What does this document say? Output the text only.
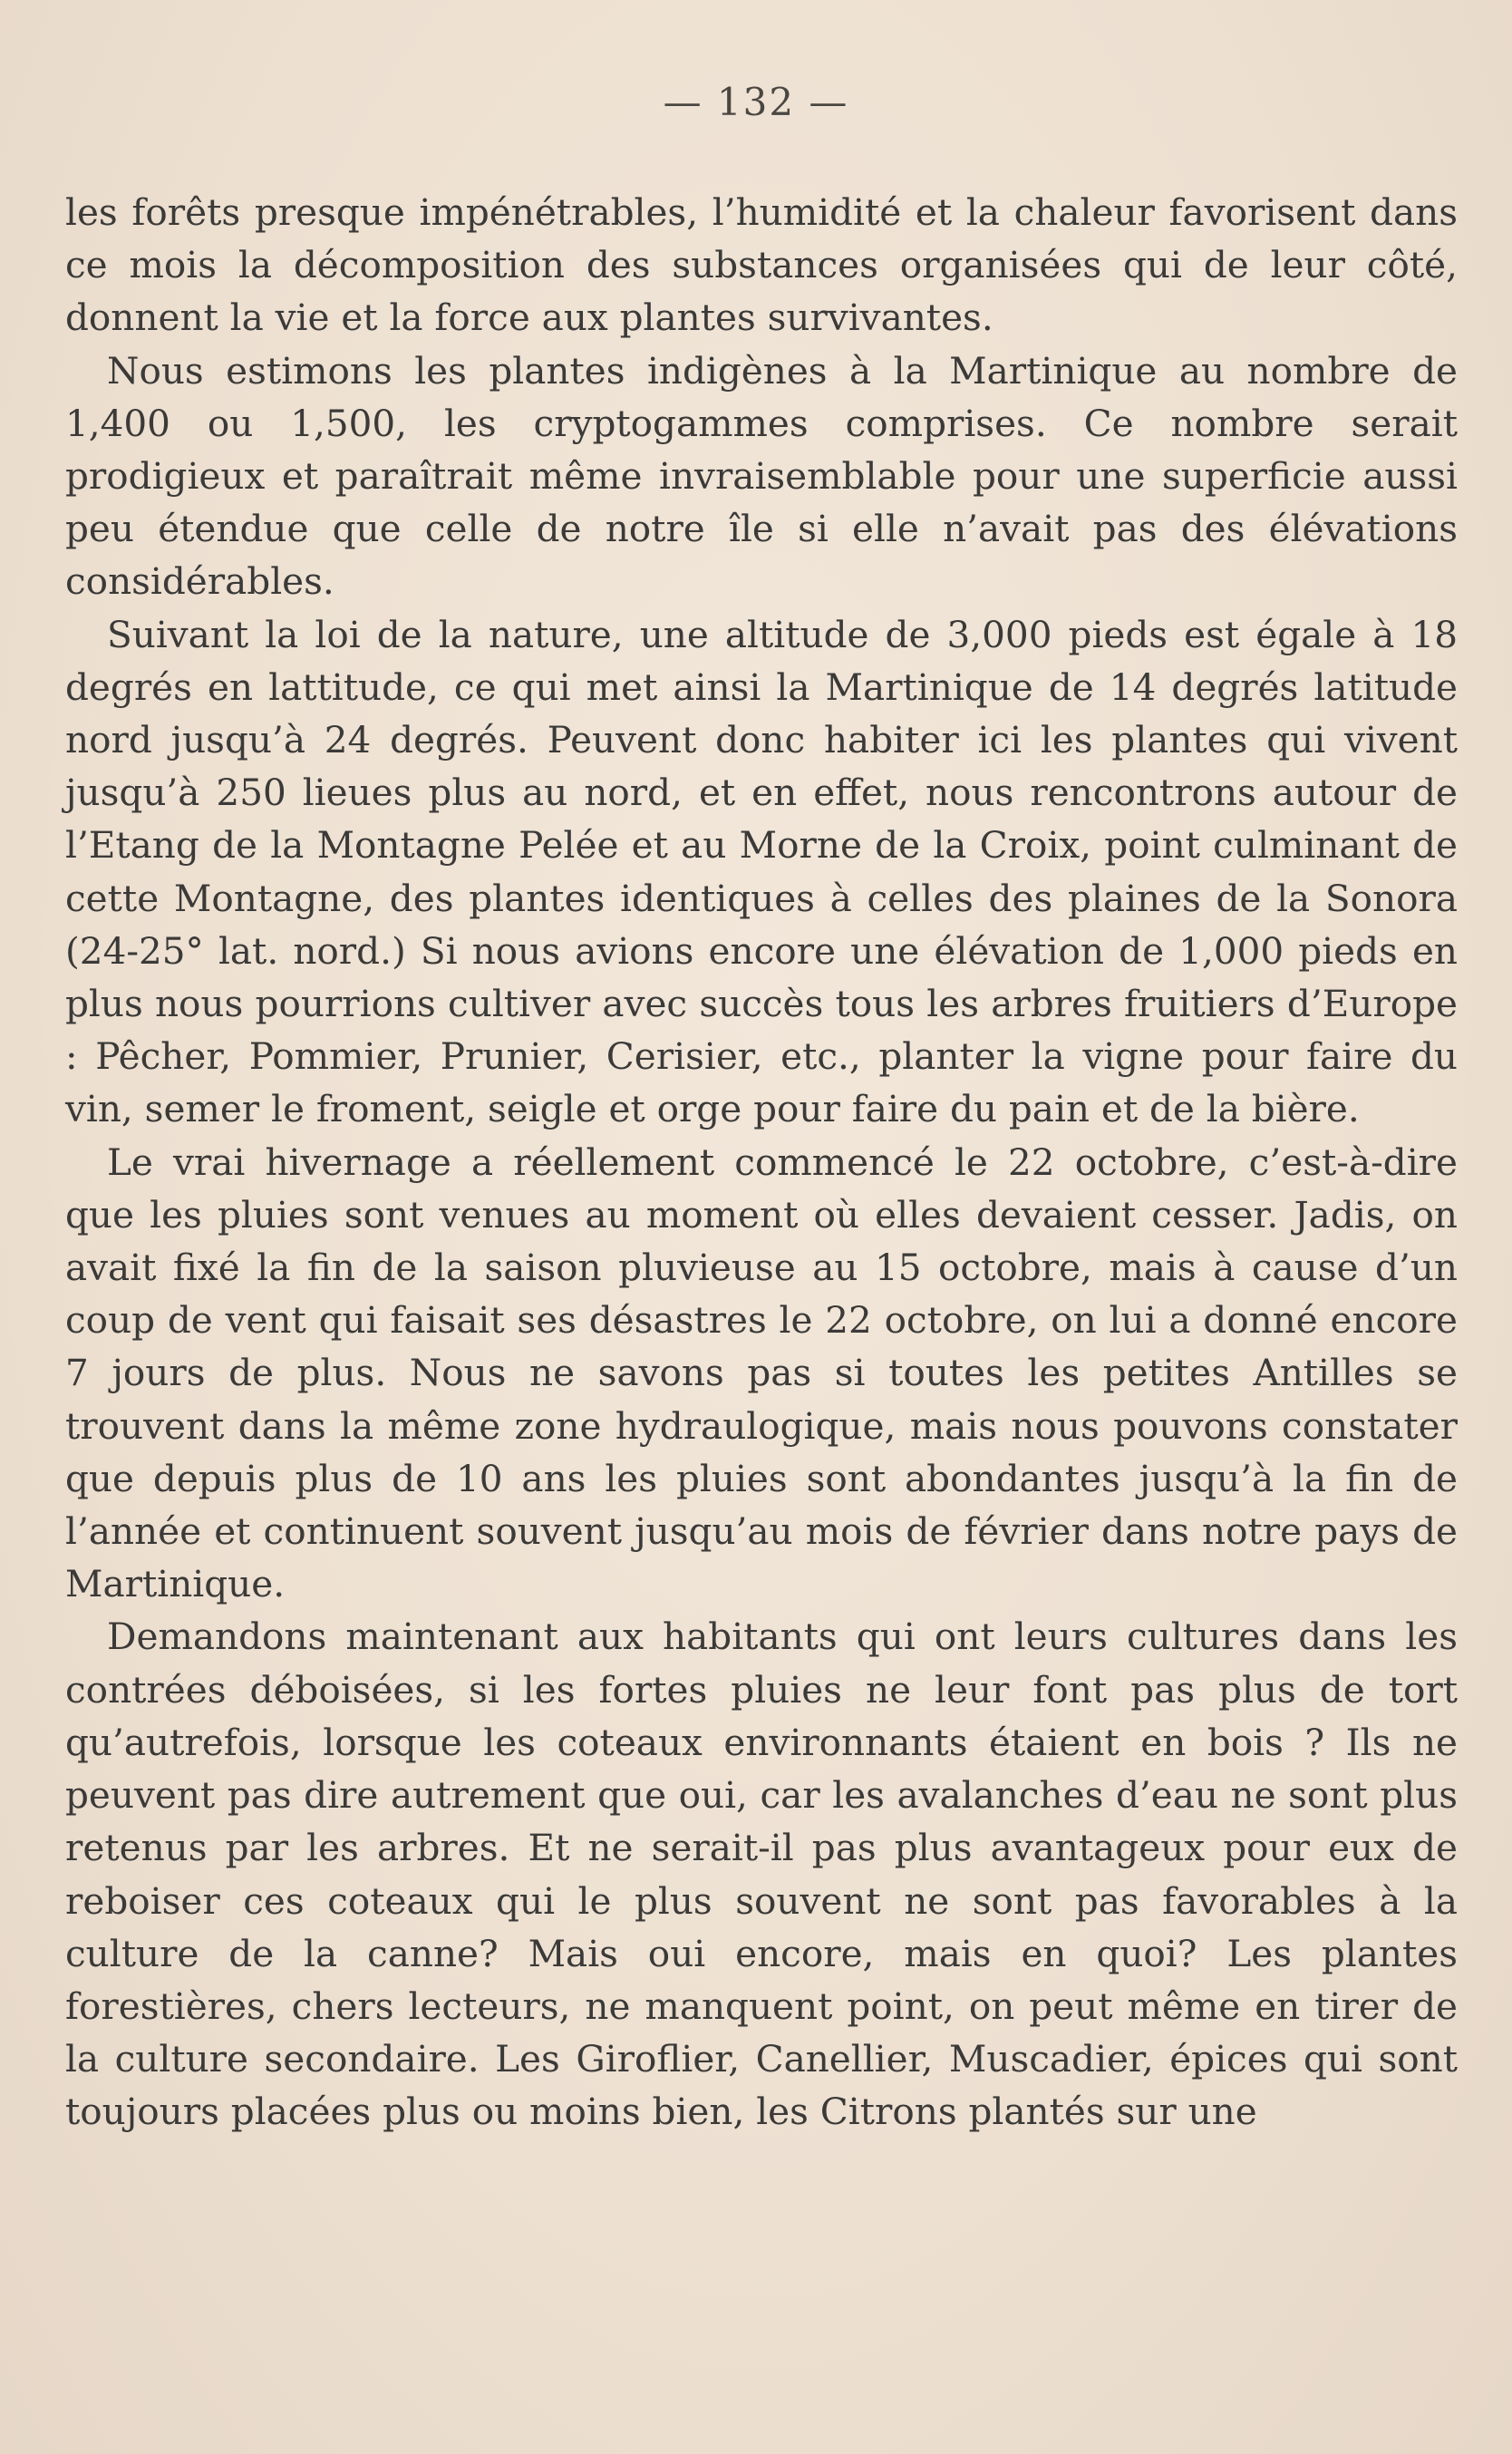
— 132 —

les forêts presque impénétrables, l’humidité et la chaleur favorisent dans ce mois la décomposition des substances organisées qui de leur côté, donnent la vie et la force aux plantes survivantes.

Nous estimons les plantes indigènes à la Martinique au nombre de 1,400 ou 1,500, les cryptogammes comprises. Ce nombre serait prodigieux et paraîtrait même invraisemblable pour une superficie aussi peu étendue que celle de notre île si elle n’avait pas des élévations considérables.

Suivant la loi de la nature, une altitude de 3,000 pieds est égale à 18 degrés en lattitude, ce qui met ainsi la Martinique de 14 degrés latitude nord jusqu’à 24 degrés. Peuvent donc habiter ici les plantes qui vivent jusqu’à 250 lieues plus au nord, et en effet, nous rencontrons autour de l’Etang de la Montagne Pelée et au Morne de la Croix, point culminant de cette Montagne, des plantes identiques à celles des plaines de la Sonora (24-25° lat. nord.) Si nous avions encore une élévation de 1,000 pieds en plus nous pourrions cultiver avec succès tous les arbres fruitiers d’Europe : Pêcher, Pommier, Prunier, Cerisier, etc., planter la vigne pour faire du vin, semer le froment, seigle et orge pour faire du pain et de la bière.

Le vrai hivernage a réellement commencé le 22 octobre, c’est-à-dire que les pluies sont venues au moment où elles devaient cesser. Jadis, on avait fixé la fin de la saison pluvieuse au 15 octobre, mais à cause d’un coup de vent qui faisait ses désastres le 22 octobre, on lui a donné encore 7 jours de plus. Nous ne savons pas si toutes les petites Antilles se trouvent dans la même zone hydraulogique, mais nous pouvons constater que depuis plus de 10 ans les pluies sont abondantes jusqu’à la fin de l’année et continuent souvent jusqu’au mois de février dans notre pays de Martinique.

Demandons maintenant aux habitants qui ont leurs cultures dans les contrées déboisées, si les fortes pluies ne leur font pas plus de tort qu’autrefois, lorsque les coteaux environnants étaient en bois ? Ils ne peuvent pas dire autrement que oui, car les avalanches d’eau ne sont plus retenus par les arbres. Et ne serait-il pas plus avantageux pour eux de reboiser ces coteaux qui le plus souvent ne sont pas favorables à la culture de la canne? Mais oui encore, mais en quoi? Les plantes forestières, chers lecteurs, ne manquent point, on peut même en tirer de la culture secondaire. Les Giroflier, Canellier, Muscadier, épices qui sont toujours placées plus ou moins bien, les Citrons plantés sur une
